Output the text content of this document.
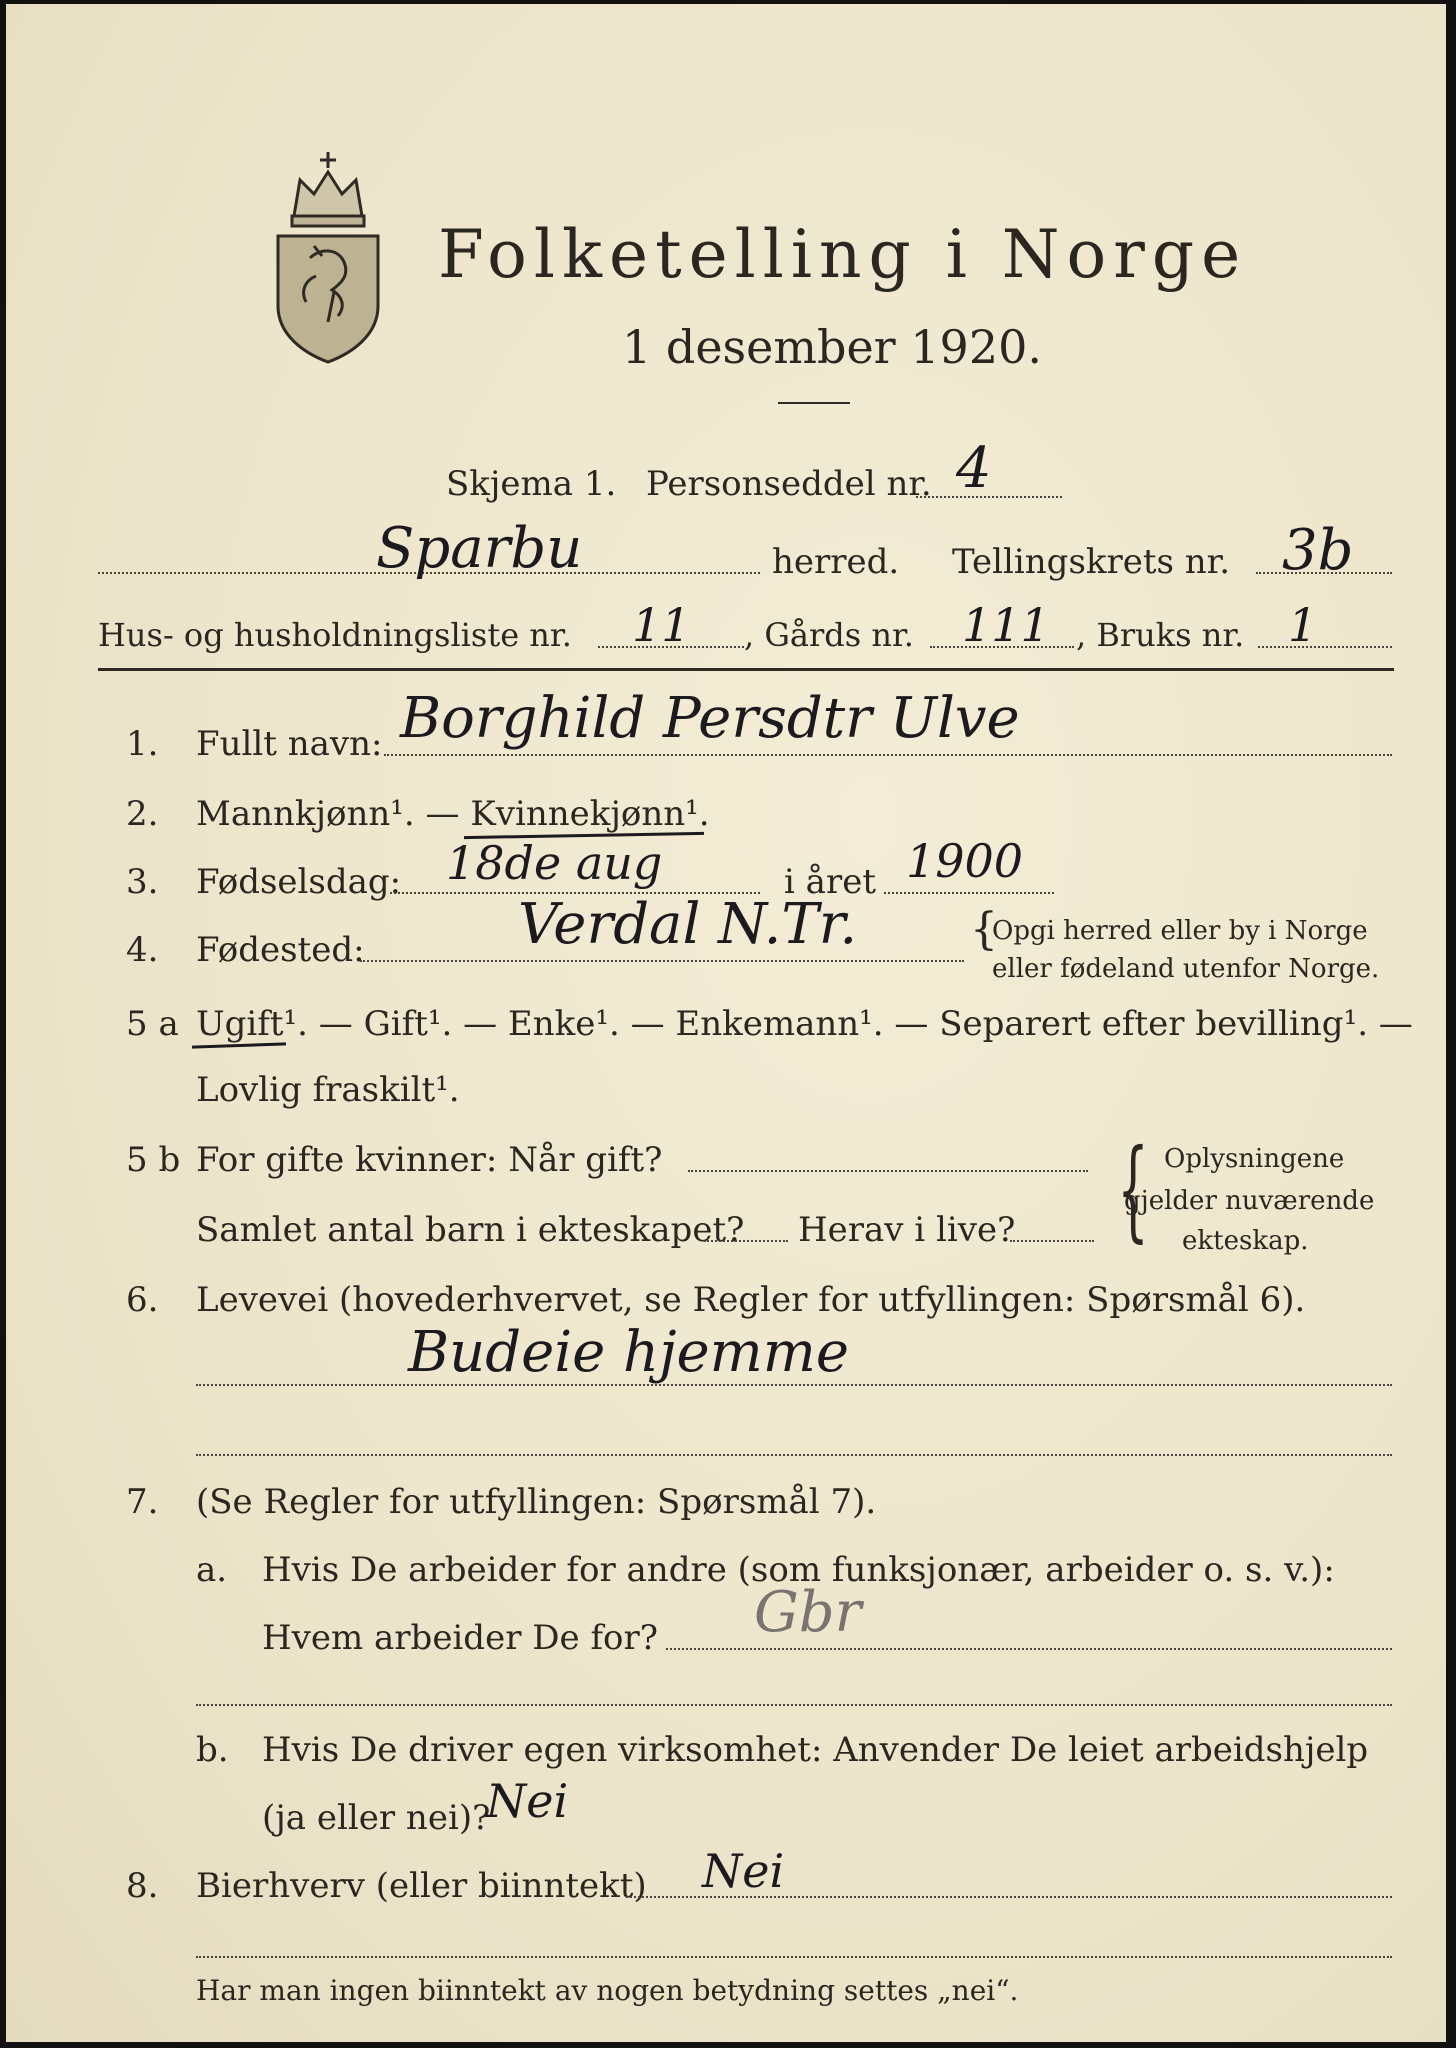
Folketelling i Norge
1 desember 1920.
Skjema 1. Personseddel nr. 4
Sparbu	herred. Tellingskrets nr. 3b
Hus- og husholdningsliste nr. 11 , Gårds nr. 111 , Bruks nr. 1
1. Fullt navn: Borghild Persdtr Ulve
2. Mannkjønn¹. — Kvinnekjønn¹.
3. Fødselsdag: 18de aug	i året 1900
4. Fødested:	Verdal N.Tr.	{
Opgi herred eller by i Norge
eller fødeland utenfor Norge.
5 a Ugift¹. — Gift¹. — Enke¹. — Enkemann¹. — Separert efter bevilling¹. —
Lovlig fraskilt¹.
5 b For gifte kvinner: Når gift?
Samlet antal barn i ekteskapet? Herav i live? { Oplysningene
gjelder nuværende
ekteskap.
6. Levevei (hovederhvervet, se Regler for utfyllingen: Spørsmål 6).
Budeie hjemme
7. (Se Regler for utfyllingen: Spørsmål 7).
a. Hvis De arbeider for andre (som funksjonær, arbeider o. s. v.):
Hvem arbeider De for? Gbr
b. Hvis De driver egen virksomhet: Anvender De leiet arbeidshjelp
(ja eller nei)?
Nei
8. Bierhverv (eller biinntekt) Nei
Har man ingen biinntekt av nogen betydning settes „nei“.
